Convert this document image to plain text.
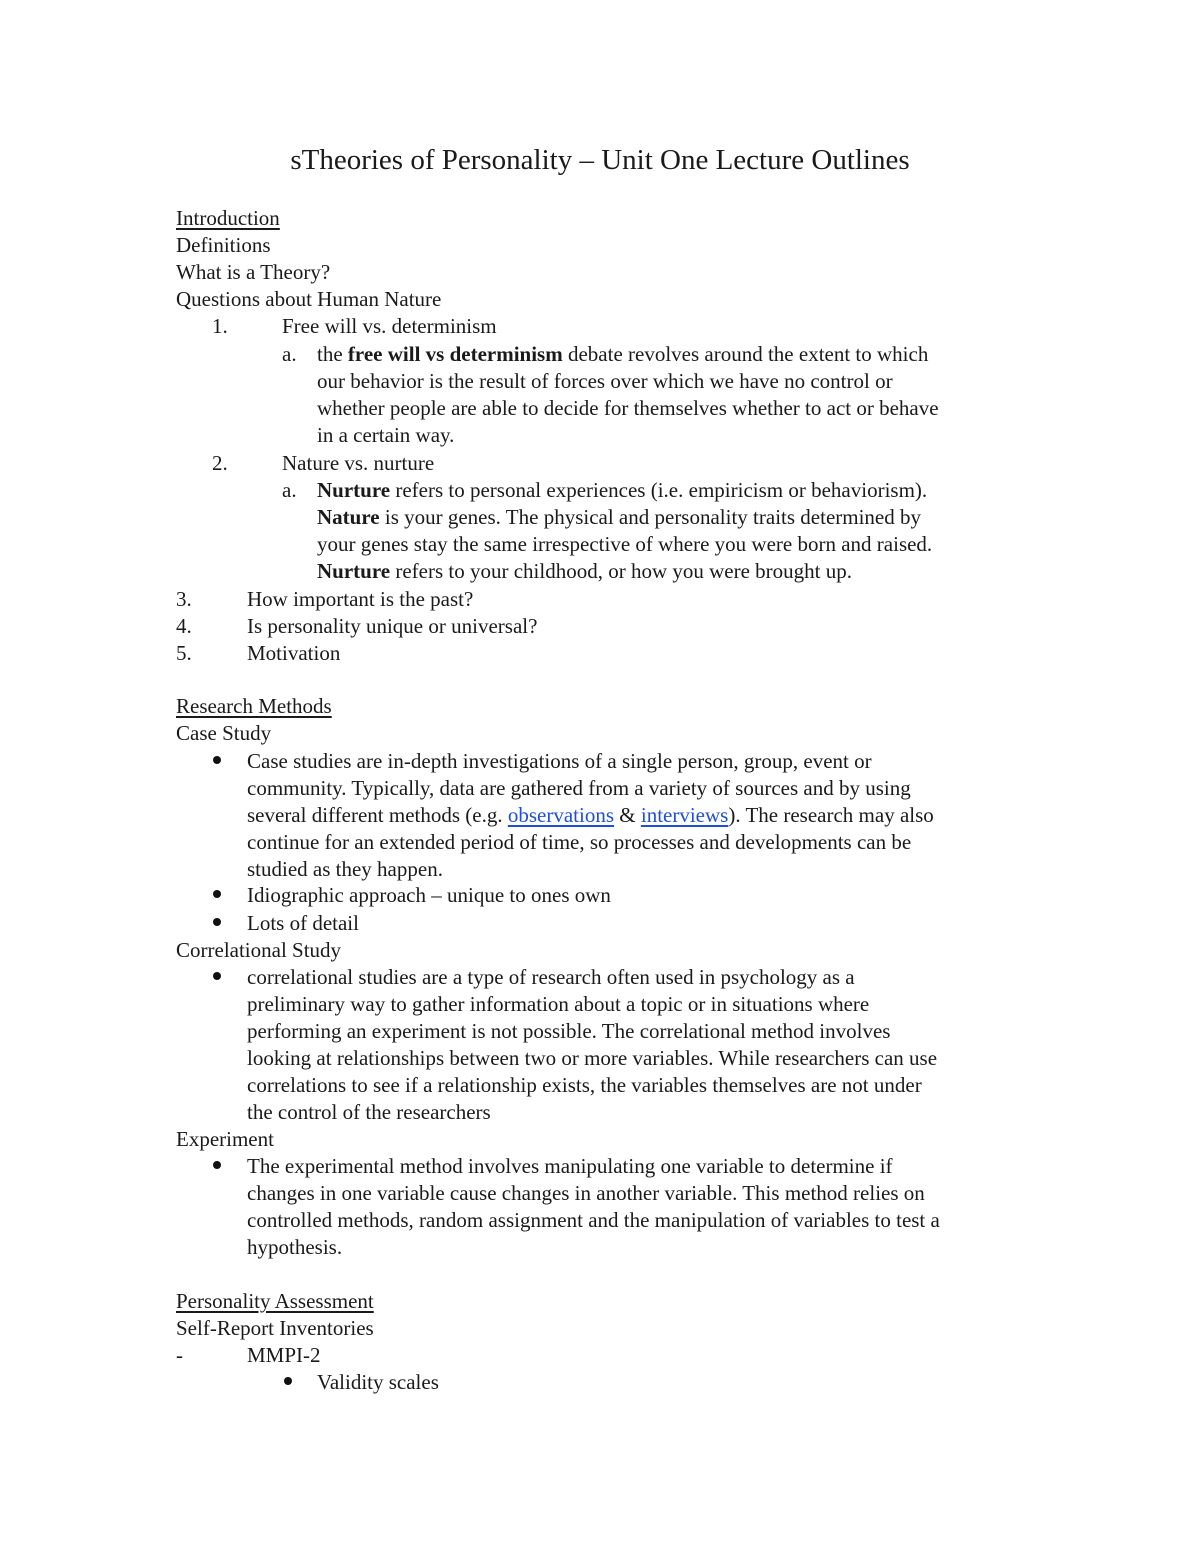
sTheories of Personality – Unit One Lecture Outlines
Introduction
Definitions
What is a Theory?
Questions about Human Nature
1.	Free will vs. determinism
a. the free will vs determinism debate revolves around the extent to which
our behavior is the result of forces over which we have no control or
whether people are able to decide for themselves whether to act or behave
in a certain way.
2.	Nature vs. nurture
a. Nurture refers to personal experiences (i.e. empiricism or behaviorism).
Nature is your genes. The physical and personality traits determined by
your genes stay the same irrespective of where you were born and raised.
Nurture refers to your childhood, or how you were brought up.
3.	How important is the past?
4.	Is personality unique or universal?
5.	Motivation
Research Methods
Case Study
Case studies are in-depth investigations of a single person, group, event or
community. Typically, data are gathered from a variety of sources and by using
several different methods (e.g. observations & interviews). The research may also
continue for an extended period of time, so processes and developments can be
studied as they happen.
Idiographic approach – unique to ones own
Lots of detail
Correlational Study
correlational studies are a type of research often used in psychology as a
preliminary way to gather information about a topic or in situations where
performing an experiment is not possible. The correlational method involves
looking at relationships between two or more variables. While researchers can use
correlations to see if a relationship exists, the variables themselves are not under
the control of the researchers
Experiment
The experimental method involves manipulating one variable to determine if
changes in one variable cause changes in another variable. This method relies on
controlled methods, random assignment and the manipulation of variables to test a
hypothesis.
Personality Assessment
Self-Report Inventories
-	MMPI-2
Validity scales
